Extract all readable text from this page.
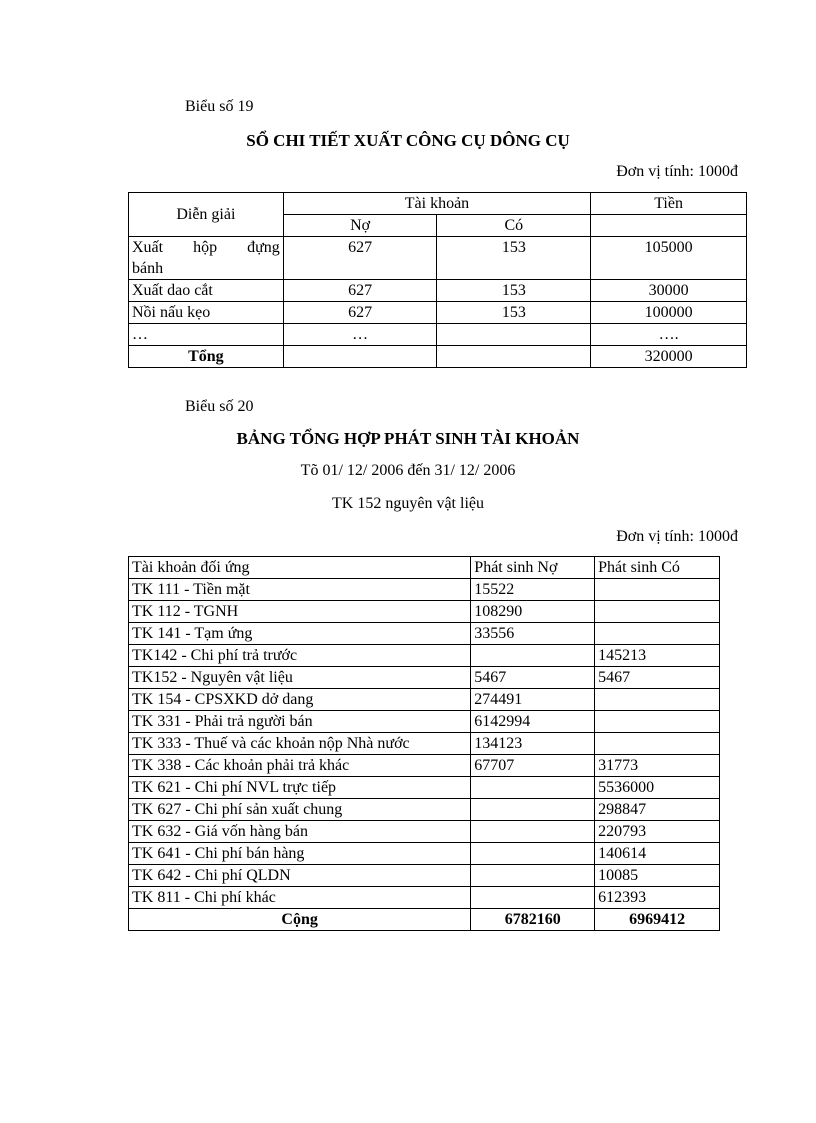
Biểu số 19
SỔ CHI TIẾT XUẤT CÔNG CỤ DÔNG CỤ
Đơn vị tính: 1000đ
Diễn giải	Tài khoản		Tiền
	Nợ	Có	

Xuất hộp đựng
bánh	627	153	105000
Xuất dao cắt	627	153	30000
Nồi nấu kẹo	627	153	100000
…	…		….
Tổng			320000
Biểu số 20
BẢNG TỔNG HỢP PHÁT SINH TÀI KHOẢN
Tõ 01/ 12/ 2006 đến 31/ 12/ 2006
TK 152 nguyên vật liệu
Đơn vị tính: 1000đ
Tài khoản đối ứng	Phát sinh Nợ	Phát sinh Có
TK 111 - Tiền mặt	15522	
TK 112 - TGNH	108290	
TK 141 - Tạm ứng	33556	
TK142 - Chi phí trả trước		145213
TK152 - Nguyên vật liệu	5467	5467
TK 154 - CPSXKD dở dang	274491	
TK 331 - Phải trả người bán	6142994	
TK 333 - Thuế và các khoản nộp Nhà nước	134123	
TK 338 - Các khoản phải trả khác	67707	31773
TK 621 - Chi phí NVL trực tiếp		5536000
TK 627 - Chi phí sản xuất chung		298847
TK 632 - Giá vốn hàng bán		220793
TK 641 - Chi phí bán hàng		140614
TK 642 - Chi phí QLDN		10085
TK 811 - Chi phí khác		612393
Cộng	6782160	6969412
